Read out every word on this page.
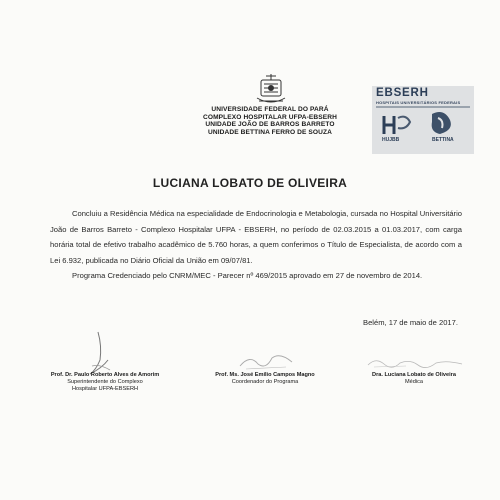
UNIVERSIDADE FEDERAL DO PARÁ
COMPLEXO HOSPITALAR UFPA-EBSERH
UNIDADE JOÃO DE BARROS BARRETO
UNIDADE BETTINA FERRO DE SOUZA
EBSERH
HOSPITAIS UNIVERSITÁRIOS FEDERAIS
HUJBB	BETTINA
LUCIANA LOBATO DE OLIVEIRA

Concluiu a Residência Médica na especialidade de Endocrinologia e Metabologia, cursada no Hospital Universitário João de Barros Barreto - Complexo Hospitalar UFPA - EBSERH, no período de 02.03.2015 a 01.03.2017, com carga horária total de efetivo trabalho acadêmico de 5.760 horas, a quem conferimos o Título de Especialista, de acordo com a Lei 6.932, publicada no Diário Oficial da União em 09/07/81.

Programa Credenciado pelo CNRM/MEC - Parecer nº 469/2015 aprovado em 27 de novembro de 2014.

Belém, 17 de maio de 2017.
Prof. Dr. Paulo Roberto Alves de Amorim
Superintendente do Complexo
Hospitalar UFPA-EBSERH
Prof. Ms. José Emílio Campos Magno
Coordenador do Programa
Dra. Luciana Lobato de Oliveira
Médica
